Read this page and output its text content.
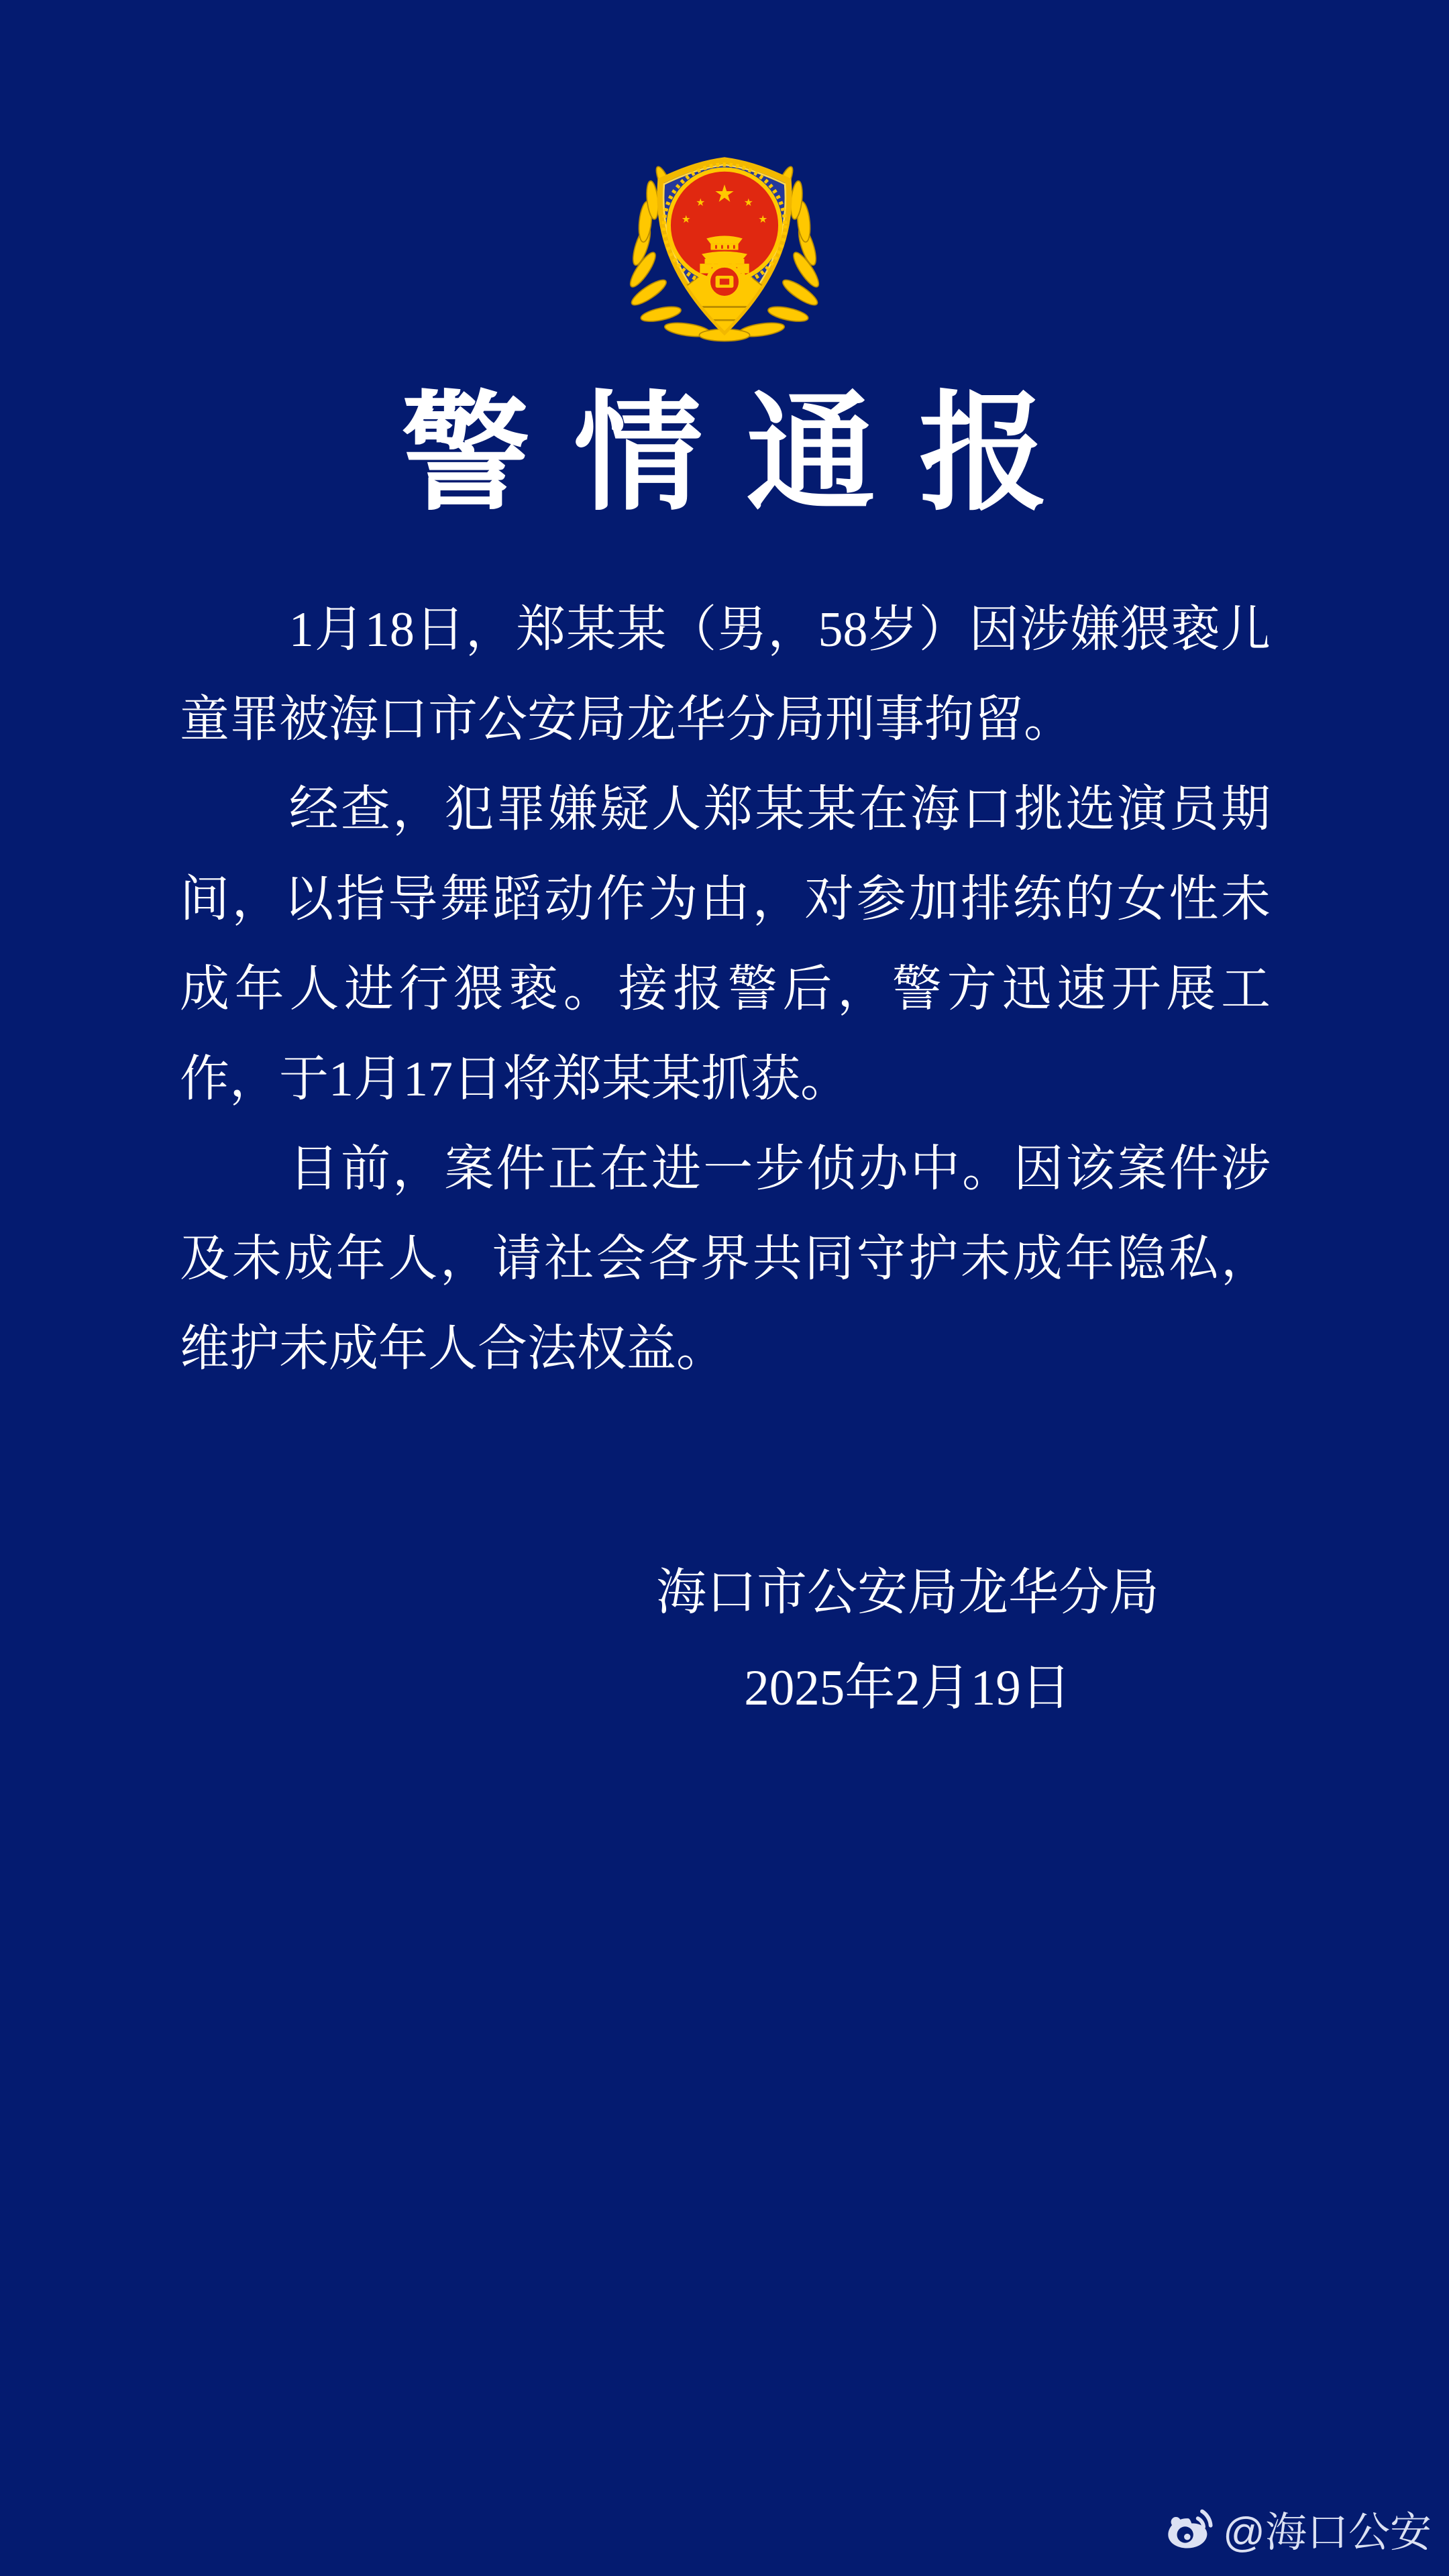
警情通报
1月18日，郑某某（男，58岁）因涉嫌猥亵儿
童罪被海口市公安局龙华分局刑事拘留。
经查，犯罪嫌疑人郑某某在海口挑选演员期
间，以指导舞蹈动作为由，对参加排练的女性未
成年人进行猥亵。接报警后，警方迅速开展工
作，于1月17日将郑某某抓获。
目前，案件正在进一步侦办中。因该案件涉
及未成年人，请社会各界共同守护未成年隐私，
维护未成年人合法权益。
海口市公安局龙华分局
2025年2月19日
@海口公安
